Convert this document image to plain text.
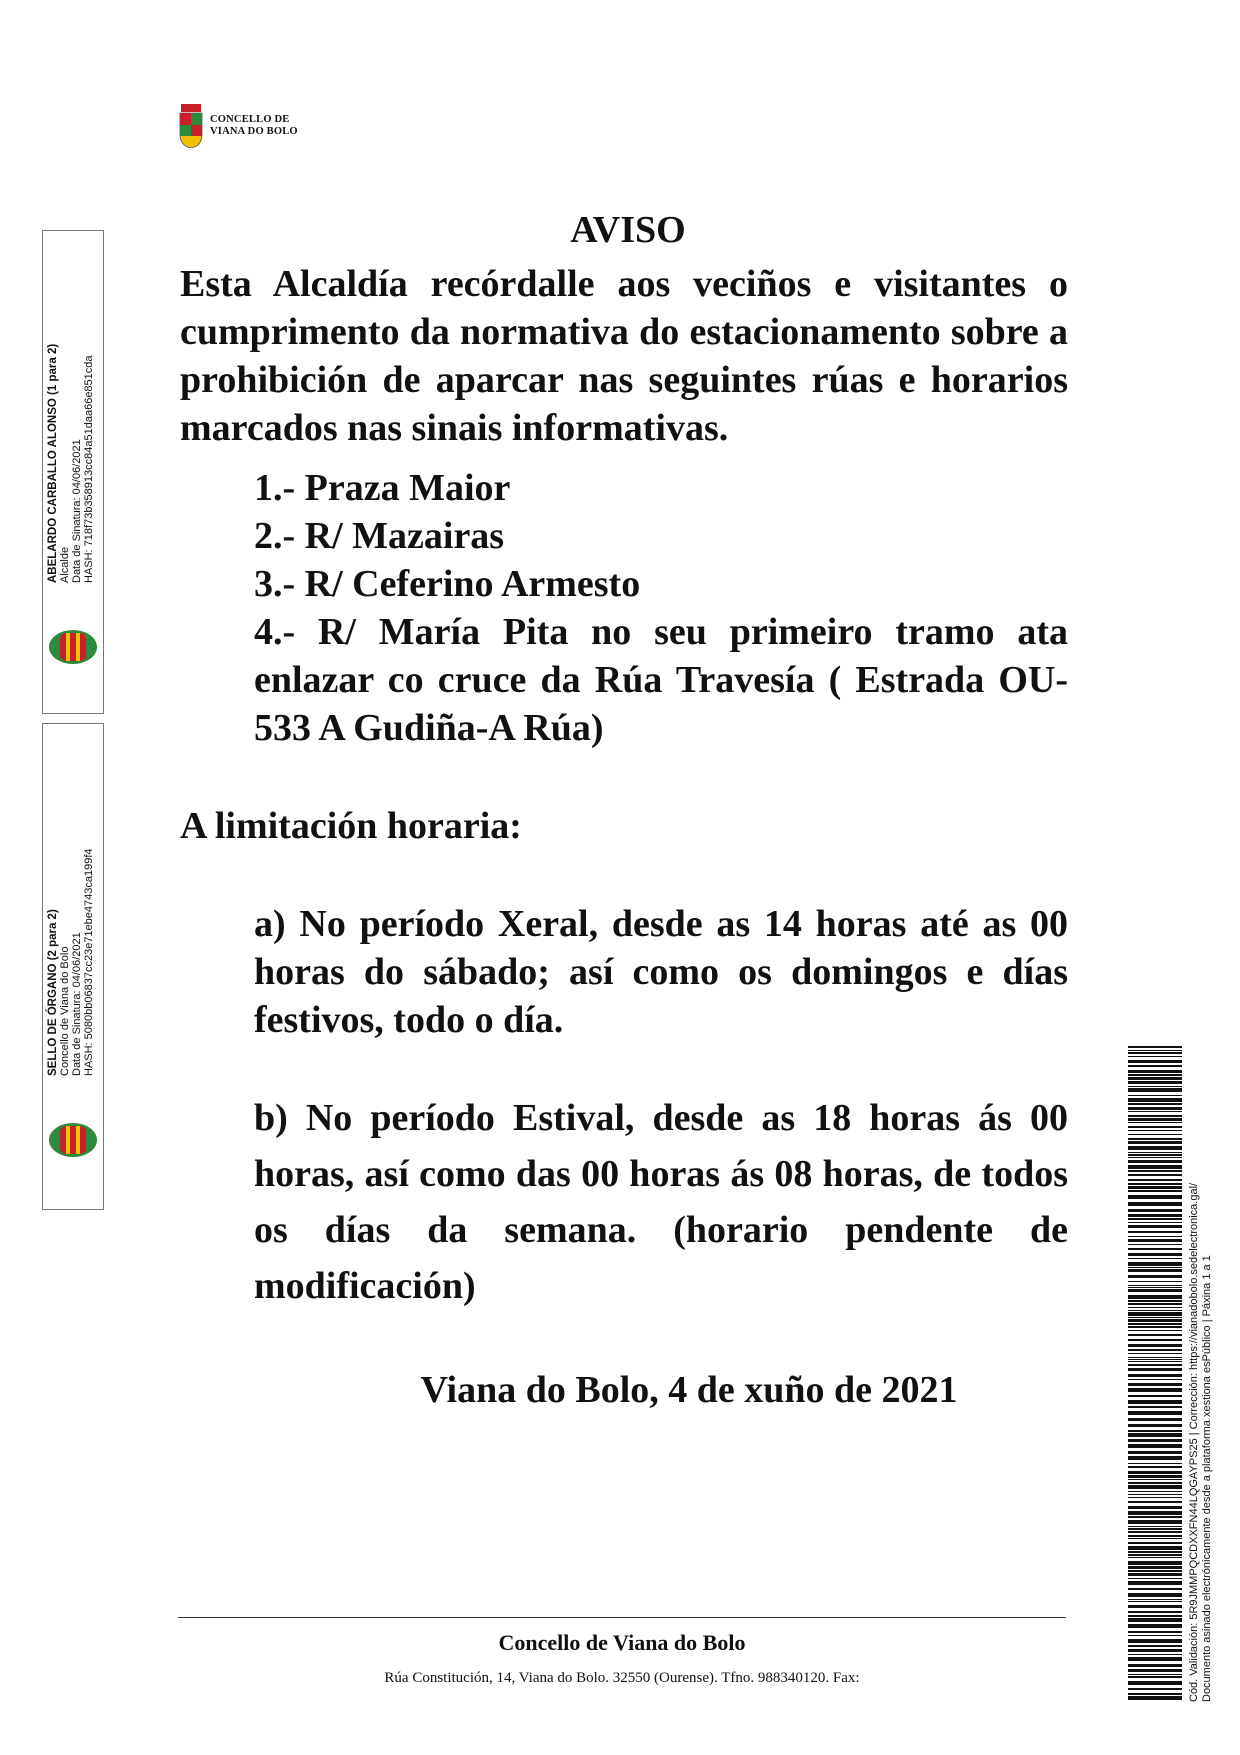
CONCELLO DE
VIANA DO BOLO
ABELARDO CARBALLO ALONSO (1 para 2) Alcalde Data de Sinatura: 04/06/2021 HASH: 718f73b358913cc84a51daa66e851cda
SELLO DE ÓRGANO (2 para 2) Concello de Viana do Bolo Data de Sinatura: 04/06/2021 HASH: 5080bb06837cc23e71ebe4743ca199f4
AVISO

Esta Alcaldía recórdalle aos veciños e visitantes o cumprimento da normativa do estacionamento sobre a prohibición de aparcar nas seguintes rúas e horarios marcados nas sinais informativas.

1.- Praza Maior
2.- R/ Mazairas
3.- R/ Ceferino Armesto
4.- R/ María Pita no seu primeiro tramo ata enlazar co cruce da Rúa Travesía ( Estrada OU-533 A Gudiña-A Rúa)
A limitación horaria:
a) No período Xeral, desde as 14 horas até as 00 horas do sábado; así como os domingos e días festivos, todo o día.
b) No período Estival, desde as 18 horas ás 00 horas, así como das 00 horas ás 08 horas, de todos os días da semana. (horario pendente de modificación)
Viana do Bolo, 4 de xuño de 2021
Concello de Viana do Bolo
Rúa Constitución, 14, Viana do Bolo. 32550 (Ourense). Tfno. 988340120. Fax:	Cód. Validación: 5R9JMMPQCDXXFN44LQGAYPS25 | Corrección: https://vianadobolo.sedelectronica.gal/ Documento asinado electrónicamente desde a plataforma xestiona esPúblico | Páxina 1 a 1
